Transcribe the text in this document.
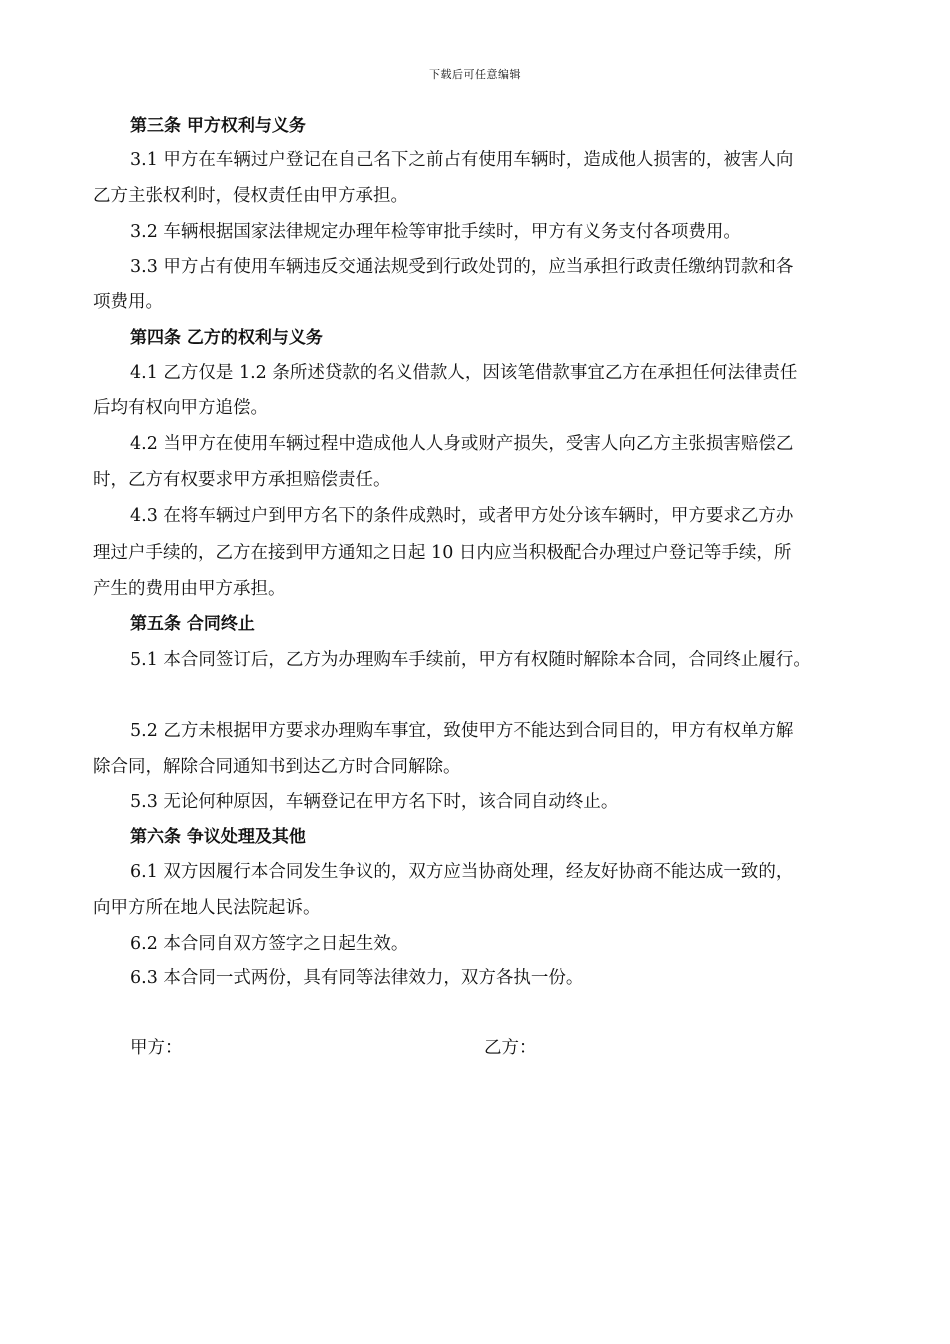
下载后可任意编辑
第三条 甲方权利与义务
3.1 甲方在车辆过户登记在自己名下之前占有使用车辆时，造成他人损害的，被害人向
乙方主张权利时，侵权责任由甲方承担。
3.2 车辆根据国家法律规定办理年检等审批手续时，甲方有义务支付各项费用。
3.3 甲方占有使用车辆违反交通法规受到行政处罚的，应当承担行政责任缴纳罚款和各
项费用。
第四条 乙方的权利与义务
4.1 乙方仅是 1.2 条所述贷款的名义借款人，因该笔借款事宜乙方在承担任何法律责任
后均有权向甲方追偿。
4.2 当甲方在使用车辆过程中造成他人人身或财产损失，受害人向乙方主张损害赔偿乙
时，乙方有权要求甲方承担赔偿责任。
4.3 在将车辆过户到甲方名下的条件成熟时，或者甲方处分该车辆时，甲方要求乙方办
理过户手续的，乙方在接到甲方通知之日起 10 日内应当积极配合办理过户登记等手续，所
产生的费用由甲方承担。
第五条 合同终止
5.1 本合同签订后，乙方为办理购车手续前，甲方有权随时解除本合同，合同终止履行。
5.2 乙方未根据甲方要求办理购车事宜，致使甲方不能达到合同目的，甲方有权单方解
除合同，解除合同通知书到达乙方时合同解除。
5.3 无论何种原因，车辆登记在甲方名下时，该合同自动终止。
第六条 争议处理及其他
6.1 双方因履行本合同发生争议的，双方应当协商处理，经友好协商不能达成一致的，
向甲方所在地人民法院起诉。
6.2 本合同自双方签字之日起生效。
6.3 本合同一式两份，具有同等法律效力，双方各执一份。
甲方：	乙方：
